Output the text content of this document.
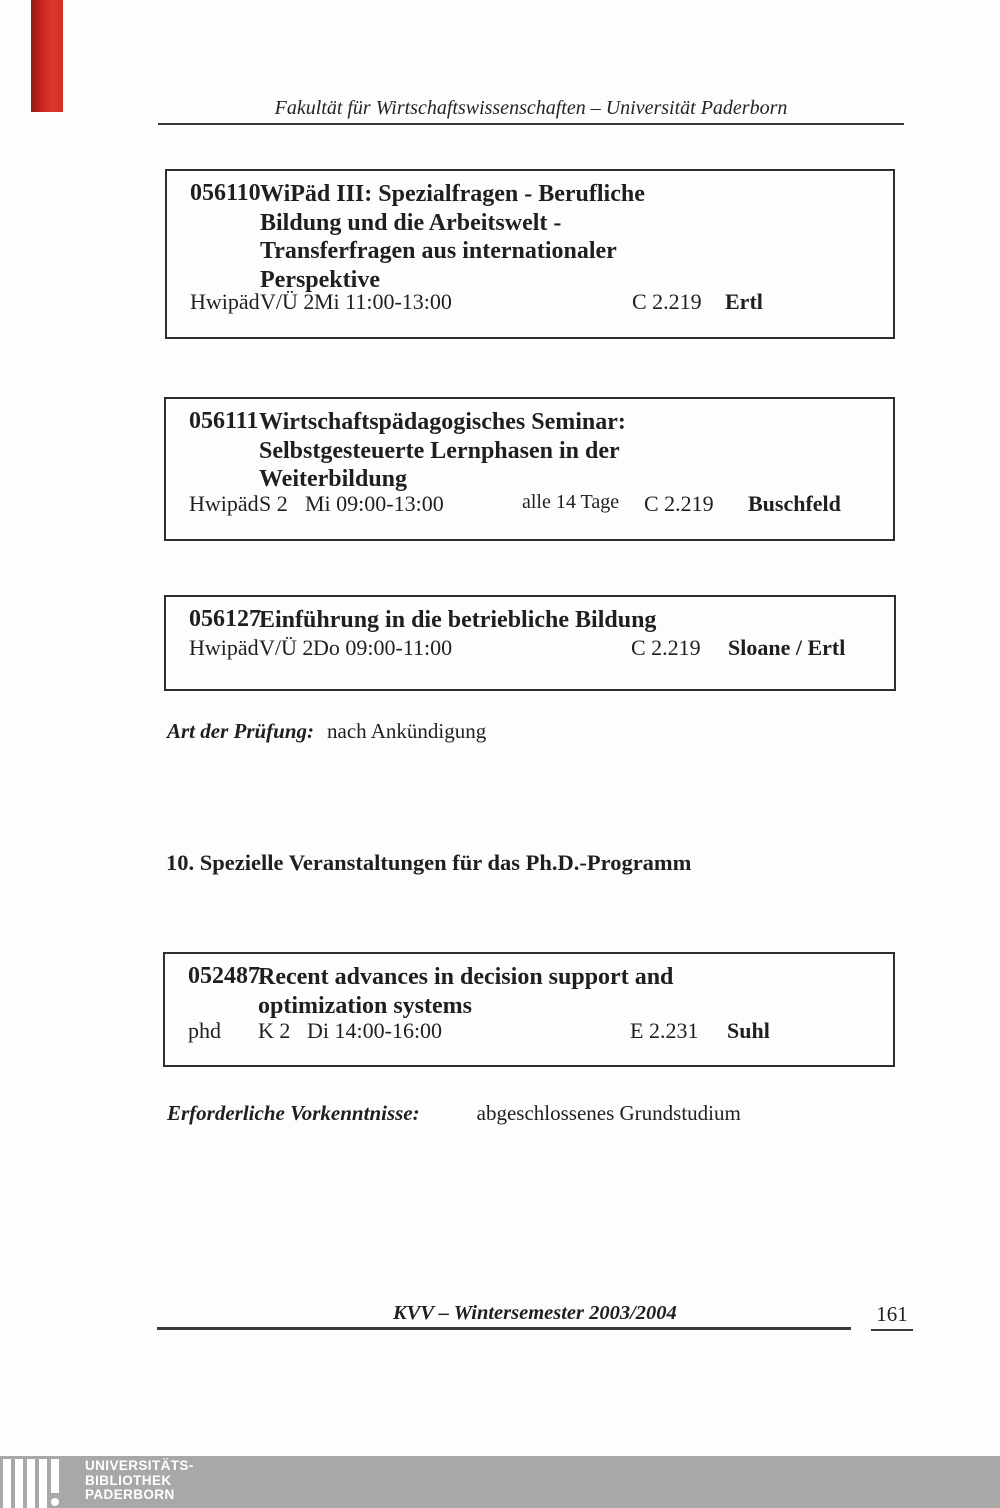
Fakultät für Wirtschaftswissenschaften – Universität Paderborn
056110 WiPäd III: Spezialfragen - Berufliche
Bildung und die Arbeitswelt -
Transferfragen aus internationaler
Perspektive
Hwipäd V/Ü 2 Mi 11:00-13:00	C 2.219 Ertl
056111 Wirtschaftspädagogisches Seminar:
Selbstgesteuerte Lernphasen in der
Weiterbildung
Hwipäd S 2 Mi 09:00-13:00	alle 14 Tage C 2.219 Buschfeld
056127
Einführung in die betriebliche Bildung
Hwipäd V/Ü 2 Do 09:00-11:00	C 2.219 Sloane / Ertl
Art der Prüfung: nach Ankündigung
10. Spezielle Veranstaltungen für das Ph.D.-Programm
052487
Recent advances in decision support and
optimization systems
phd K 2 Di 14:00-16:00	E 2.231 Suhl
Erforderliche Vorkenntnisse:	abgeschlossenes Grundstudium
KVV – Wintersemester 2003/2004	161
UNIVERSITÄTS-
BIBLIOTHEK
PADERBORN
